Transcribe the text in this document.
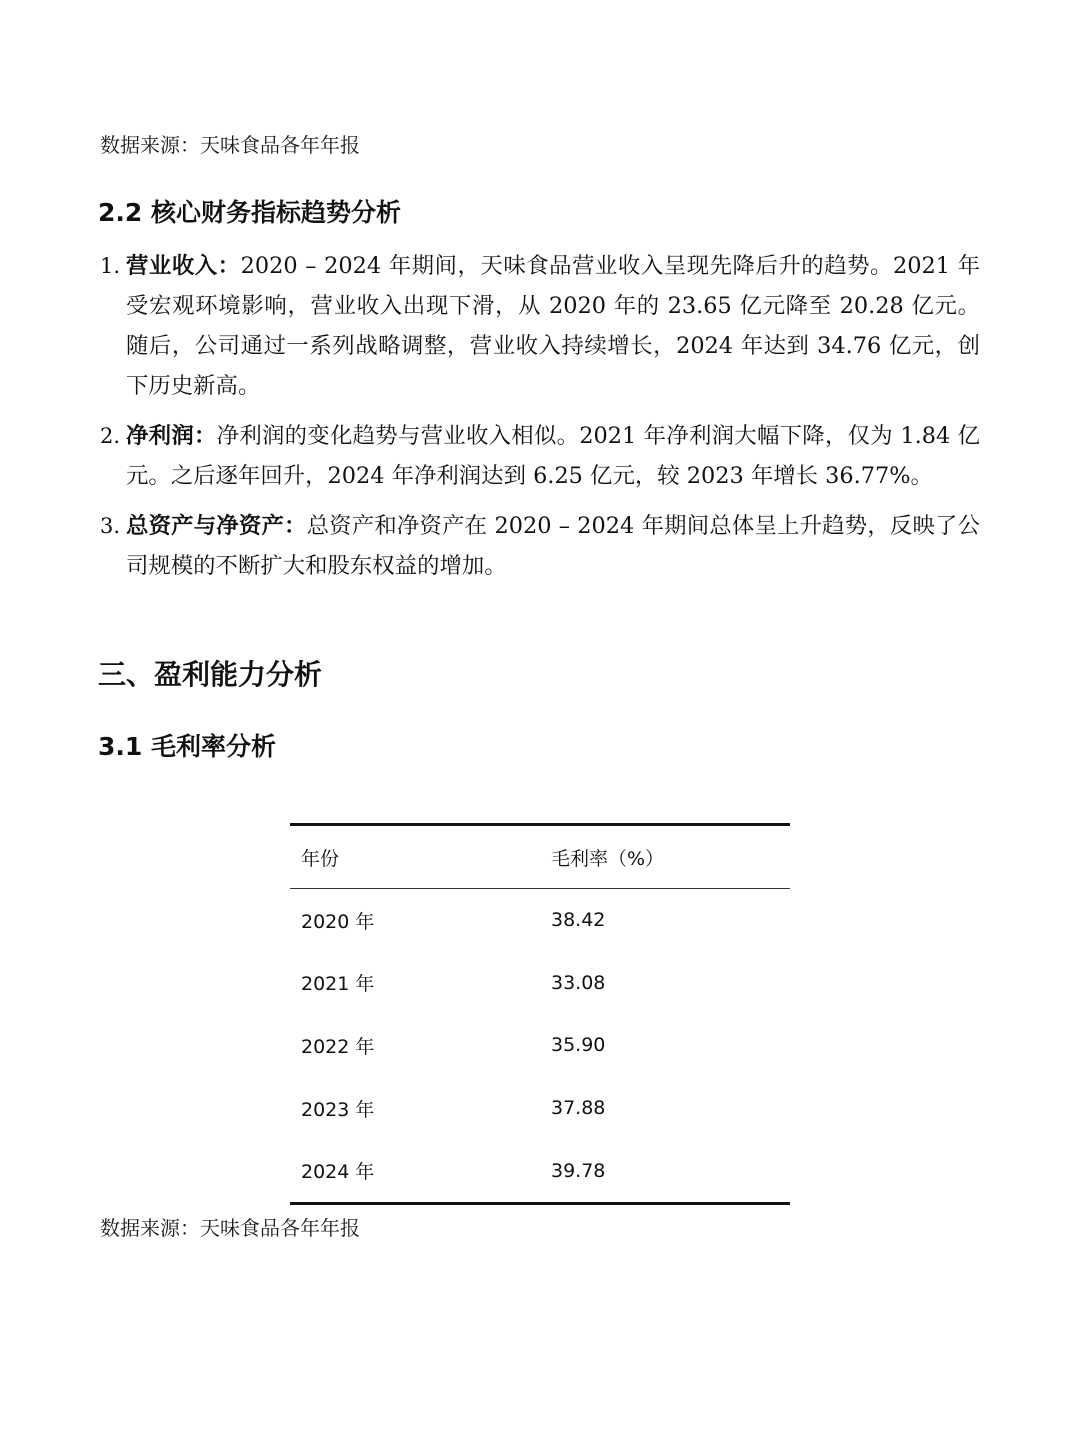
数据来源：天味食品各年年报
2.2 核心财务指标趋势分析
1. 营业收入：2020 – 2024 年期间，天味食品营业收入呈现先降后升的趋势。2021 年受宏观环境影响，营业收入出现下滑，从 2020 年的 23.65 亿元降至 20.28 亿元。随后，公司通过一系列战略调整，营业收入持续增长，2024 年达到 34.76 亿元，创下历史新高。

2. 净利润：净利润的变化趋势与营业收入相似。2021 年净利润大幅下降，仅为 1.84 亿元。之后逐年回升，2024 年净利润达到 6.25 亿元，较 2023 年增长 36.77%。

3. 总资产与净资产：总资产和净资产在 2020 – 2024 年期间总体呈上升趋势，反映了公司规模的不断扩大和股东权益的增加。

三、盈利能力分析
3.1 毛利率分析
年份	毛利率（%）
2020 年	38.42
2021 年	33.08
2022 年	35.90
2023 年	37.88
2024 年	39.78
数据来源：天味食品各年年报
